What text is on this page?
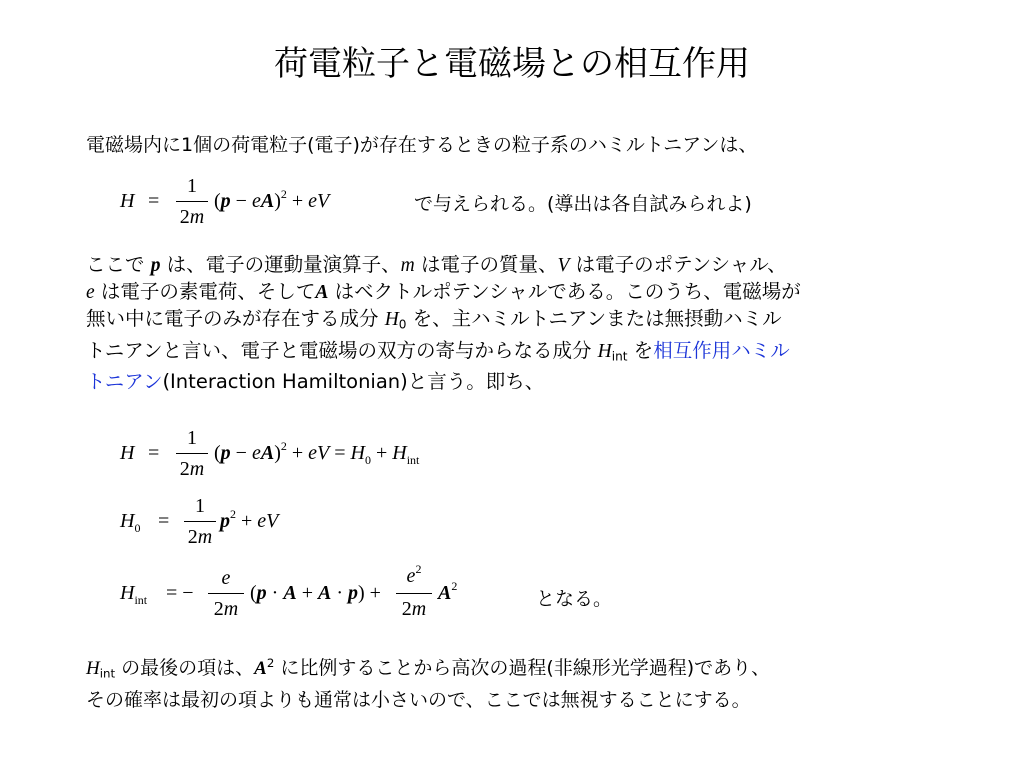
荷電粒子と電磁場との相互作用
電磁場内に1個の荷電粒子(電子)が存在するときの粒子系のハミルトニアンは、
H =
1
2m
(p − eA)$^2$ + eV	で与えられる。(導出は各自試みられよ)
ここで p は、電子の運動量演算子、m は電子の質量、V は電子のポテンシャル、
e は電子の素電荷、そしてA はベクトルポテンシャルである。このうち、電磁場が
無い中に電子のみが存在する成分 $H_0$ を、主ハミルトニアンまたは無摂動ハミル
トニアンと言い、電子と電磁場の双方の寄与からなる成分 $H_{int}$ を相互作用ハミル
トニアン(Interaction Hamiltonian)と言う。即ち、
H =
1
2m
(p − eA)$^2$ + eV = $H_0 + H_{int}$
$H_0$ =
1
2m
$p^2$ + eV
$H_{int}$ = −
e
2m
(p · A + A · p) +
$e^2$
2m
$A^2$
となる。
$H_{int}$ の最後の項は、$A^2$ に比例することから高次の過程(非線形光学過程)であり、
その確率は最初の項よりも通常は小さいので、ここでは無視することにする。
